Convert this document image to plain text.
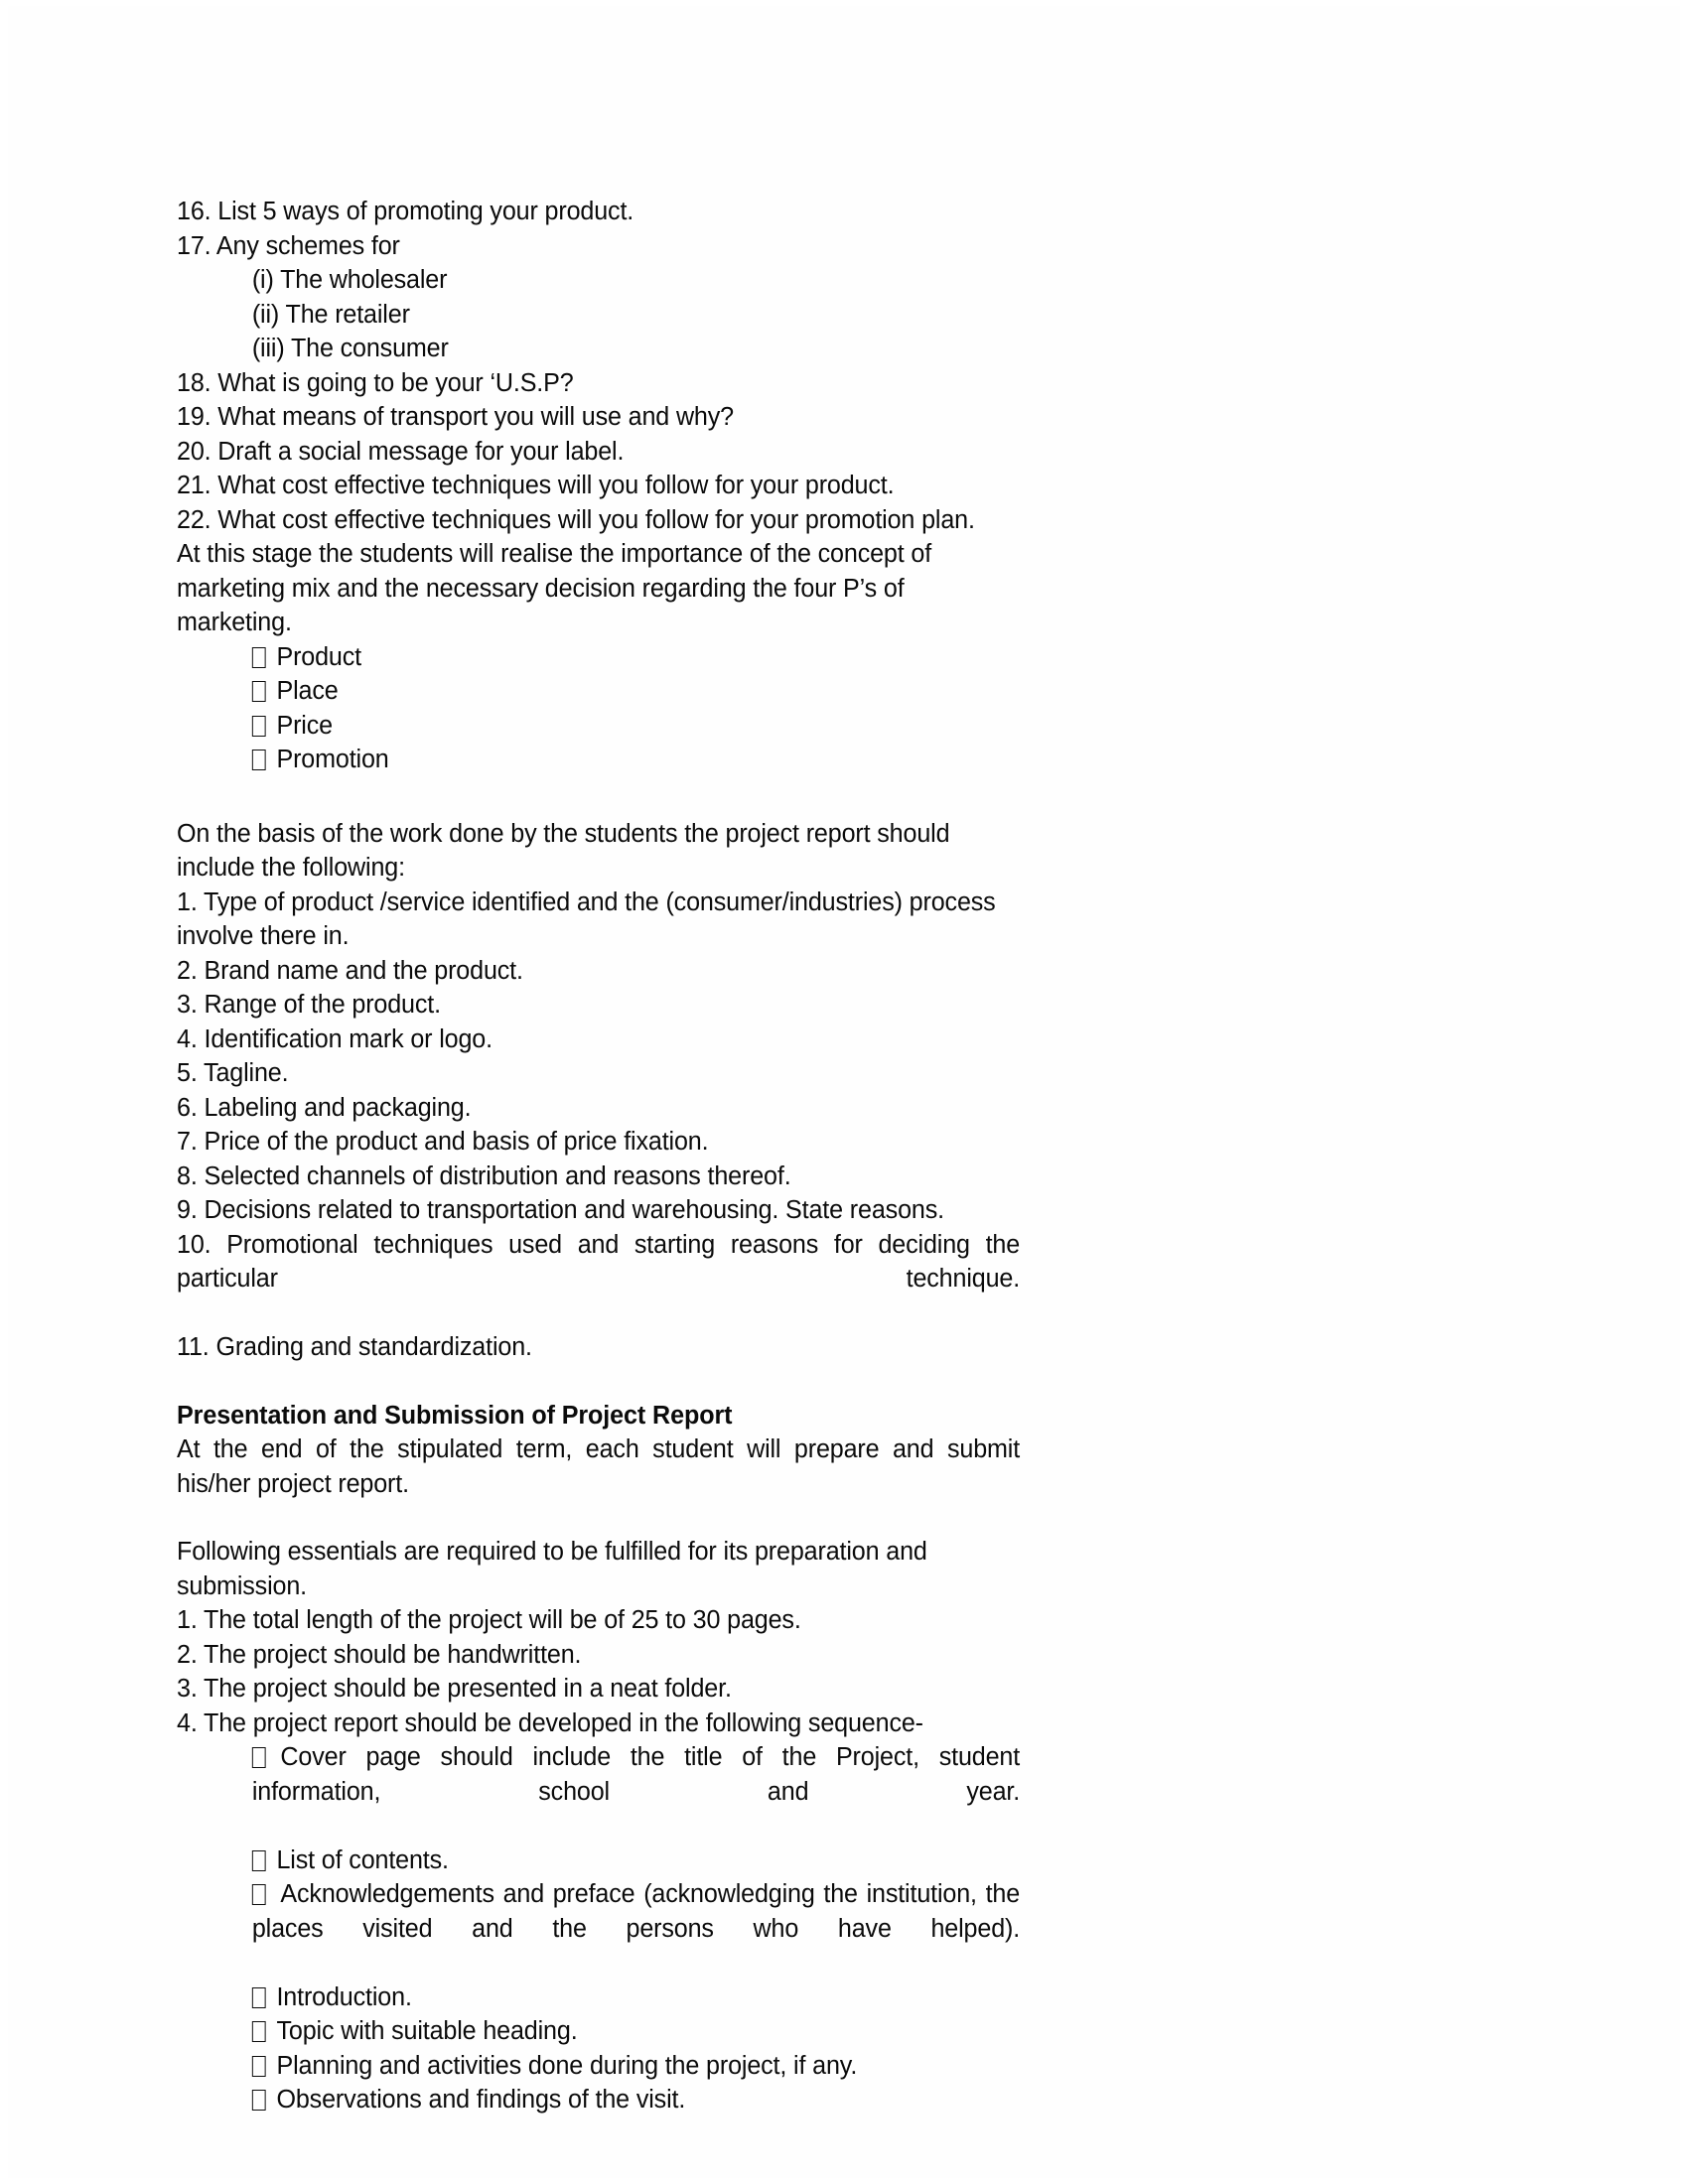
16. List 5 ways of promoting your product.
17. Any schemes for
(i) The wholesaler
(ii) The retailer
(iii) The consumer
18. What is going to be your ‘U.S.P?
19. What means of transport you will use and why?
20. Draft a social message for your label.
21. What cost effective techniques will you follow for your product.
22. What cost effective techniques will you follow for your promotion plan.
At this stage the students will realise the importance of the concept of marketing mix and the necessary decision regarding the four P’s of marketing.
Product
Place
Price
Promotion
On the basis of the work done by the students the project report should include the following:
1. Type of product /service identified and the (consumer/industries) process involve there in.
2. Brand name and the product.
3. Range of the product.
4. Identification mark or logo.
5. Tagline.
6. Labeling and packaging.
7. Price of the product and basis of price fixation.
8. Selected channels of distribution and reasons thereof.
9. Decisions related to transportation and warehousing. State reasons.
10. Promotional techniques used and starting reasons for deciding the particular technique.
11. Grading and standardization.
Presentation and Submission of Project Report
At the end of the stipulated term, each student will prepare and submit his/her project report.
Following essentials are required to be fulfilled for its preparation and submission.
1. The total length of the project will be of 25 to 30 pages.
2. The project should be handwritten.
3. The project should be presented in a neat folder.
4. The project report should be developed in the following sequence-
Cover page should include the title of the Project, student information, school and year.
List of contents.
Acknowledgements and preface (acknowledging the institution, the places visited and the persons who have helped).
Introduction.
Topic with suitable heading.
Planning and activities done during the project, if any.
Observations and findings of the visit.
